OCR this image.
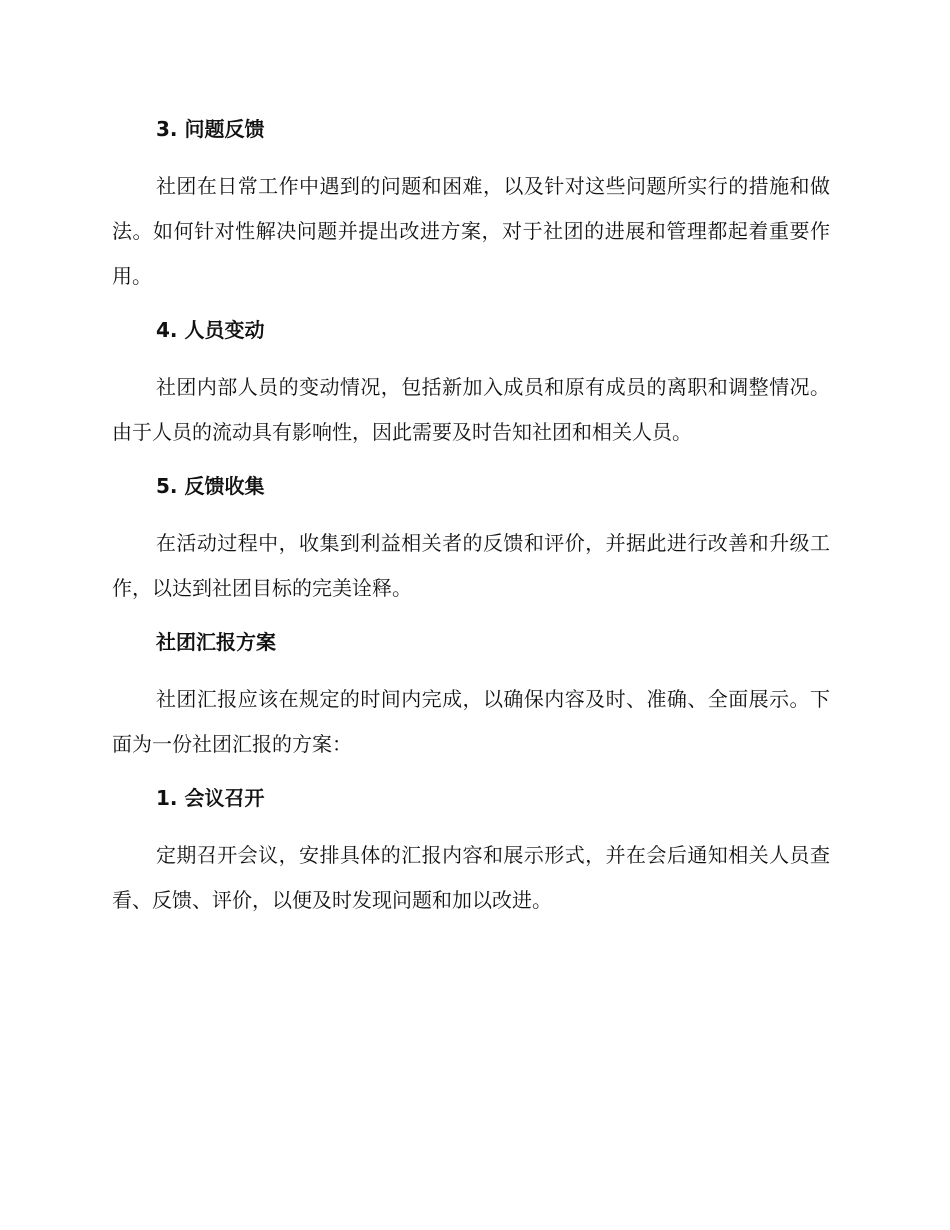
3. 问题反馈

社团在日常工作中遇到的问题和困难，以及针对这些问题所实行的措施和做法。如何针对性解决问题并提出改进方案，对于社团的进展和管理都起着重要作用。

4. 人员变动

社团内部人员的变动情况，包括新加入成员和原有成员的离职和调整情况。由于人员的流动具有影响性，因此需要及时告知社团和相关人员。

5. 反馈收集

在活动过程中，收集到利益相关者的反馈和评价，并据此进行改善和升级工作，以达到社团目标的完美诠释。

社团汇报方案

社团汇报应该在规定的时间内完成，以确保内容及时、准确、全面展示。下面为一份社团汇报的方案：

1. 会议召开

定期召开会议，安排具体的汇报内容和展示形式，并在会后通知相关人员查看、反馈、评价，以便及时发现问题和加以改进。
